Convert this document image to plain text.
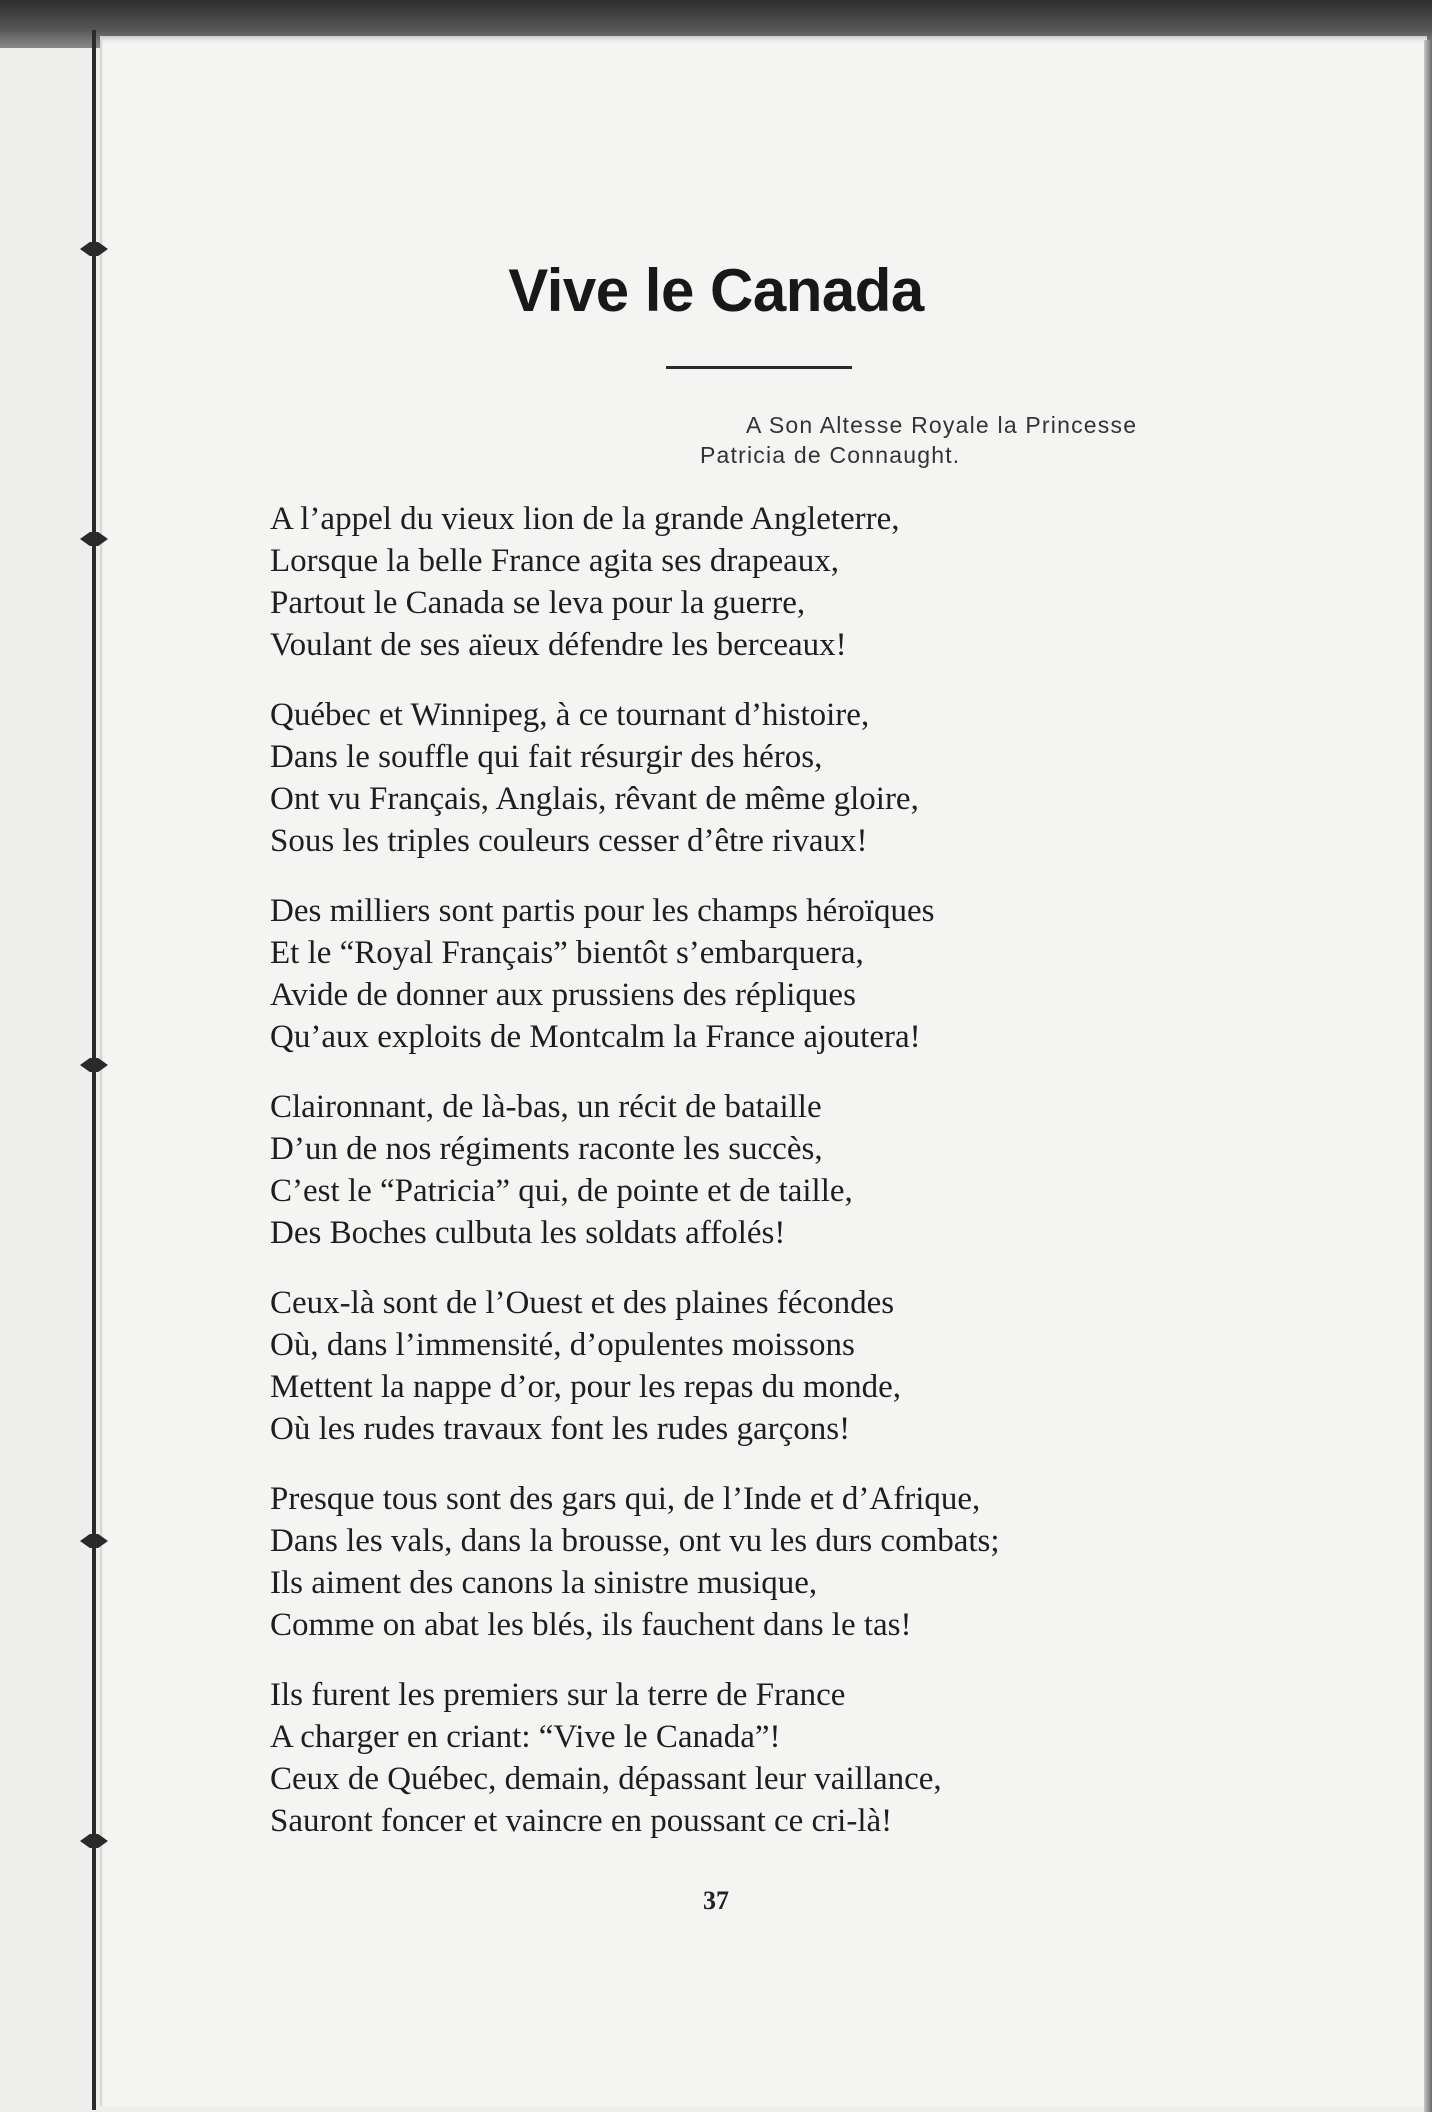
Vive le Canada
A Son Altesse Royale la Princesse
Patricia de Connaught.
A l’appel du vieux lion de la grande Angleterre,
Lorsque la belle France agita ses drapeaux,
Partout le Canada se leva pour la guerre,
Voulant de ses aïeux défendre les berceaux!
Québec et Winnipeg, à ce tournant d’histoire,
Dans le souffle qui fait résurgir des héros,
Ont vu Français, Anglais, rêvant de même gloire,
Sous les triples couleurs cesser d’être rivaux!
Des milliers sont partis pour les champs héroïques
Et le “Royal Français” bientôt s’embarquera,
Avide de donner aux prussiens des répliques
Qu’aux exploits de Montcalm la France ajoutera!
Claironnant, de là-bas, un récit de bataille
D’un de nos régiments raconte les succès,
C’est le “Patricia” qui, de pointe et de taille,
Des Boches culbuta les soldats affolés!
Ceux-là sont de l’Ouest et des plaines fécondes
Où, dans l’immensité, d’opulentes moissons
Mettent la nappe d’or, pour les repas du monde,
Où les rudes travaux font les rudes garçons!
Presque tous sont des gars qui, de l’Inde et d’Afrique,
Dans les vals, dans la brousse, ont vu les durs combats;
Ils aiment des canons la sinistre musique,
Comme on abat les blés, ils fauchent dans le tas!
Ils furent les premiers sur la terre de France
A charger en criant: “Vive le Canada”!
Ceux de Québec, demain, dépassant leur vaillance,
Sauront foncer et vaincre en poussant ce cri-là!
37
